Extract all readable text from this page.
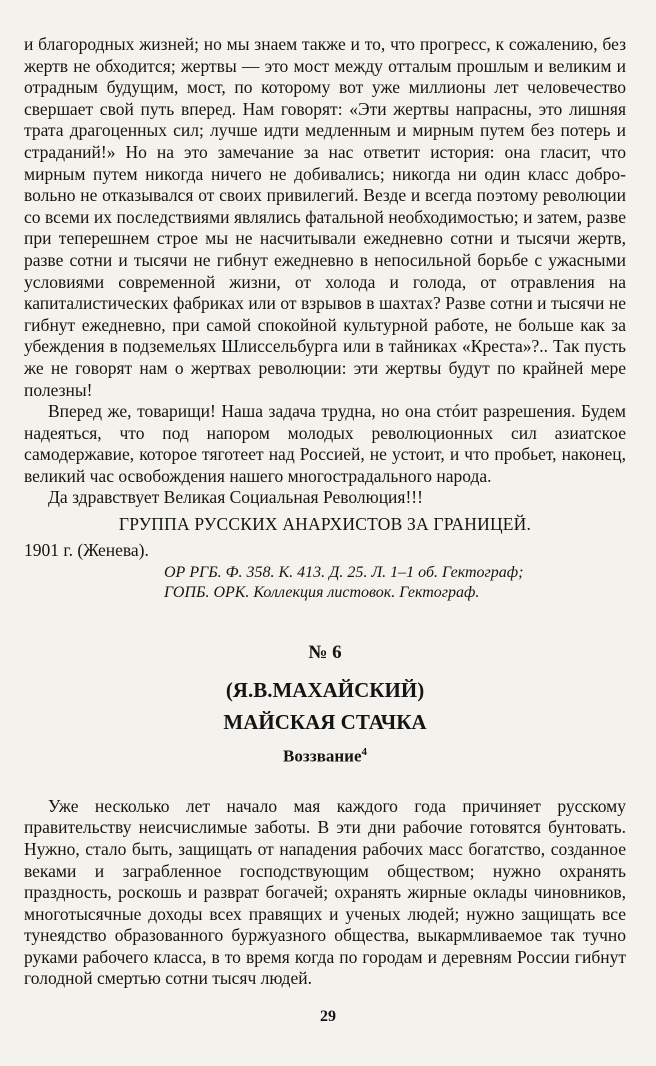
и благородных жизней; но мы знаем также и то, что прогресс, к сожалению, без жертв не обходится; жертвы — это мост между отталым прошлым и великим и отрадным будущим, мост, по которому вот уже миллионы лет человечество свершает свой путь вперед. Нам говорят: «Эти жертвы напрасны, это лишняя трата драгоценных сил; лучше идти медленным и мирным путем без потерь и страданий!» Но на это замечание за нас ответит история: она гласит, что мирным путем никогда ничего не добивались; никогда ни один класс добровольно не отказывался от своих привилегий. Везде и всегда поэтому революции со всеми их последствиями являлись фатальной необходимостью; и затем, разве при теперешнем строе мы не насчитывали ежедневно сотни и тысячи жертв, разве сотни и тысячи не гибнут ежедневно в непосильной борьбе с ужасными условиями современной жизни, от холода и голода, от отравления на капиталистических фабриках или от взрывов в шахтах? Разве сотни и тысячи не гибнут ежедневно, при самой спокойной культурной работе, не больше как за убеждения в подземельях Шлиссельбурга или в тайниках «Креста»?.. Так пусть же не говорят нам о жертвах революции: эти жертвы будут по крайней мере полезны!

Вперед же, товарищи! Наша задача трудна, но она стóит разрешения. Будем надеяться, что под напором молодых революционных сил азиатское самодержавие, которое тяготеет над Россией, не устоит, и что пробьет, наконец, великий час освобождения нашего многострадального народа.

Да здравствует Великая Социальная Революция!!!

ГРУППА РУССКИХ АНАРХИСТОВ ЗА ГРАНИЦЕЙ.
1901 г. (Женева).
ОР РГБ. Ф. 358. К. 413. Д. 25. Л. 1–1 об. Гектограф;
ГОПБ. ОРК. Коллекция листовок. Гектограф.
№ 6
(Я.В.МАХАЙСКИЙ)
МАЙСКАЯ СТАЧКА
Воззвание$^4$

Уже несколько лет начало мая каждого года причиняет русскому правительству неисчислимые заботы. В эти дни рабочие готовятся бунтовать. Нужно, стало быть, защищать от нападения рабочих масс богатство, созданное веками и заграбленное господствующим обществом; нужно охранять праздность, роскошь и разврат богачей; охранять жирные оклады чиновников, многотысячные доходы всех правящих и ученых людей; нужно защищать все тунеядство образованного буржуазного общества, выкармливаемое так тучно руками рабочего класса, в то время когда по городам и деревням России гибнут голодной смертью сотни тысяч людей.

29
